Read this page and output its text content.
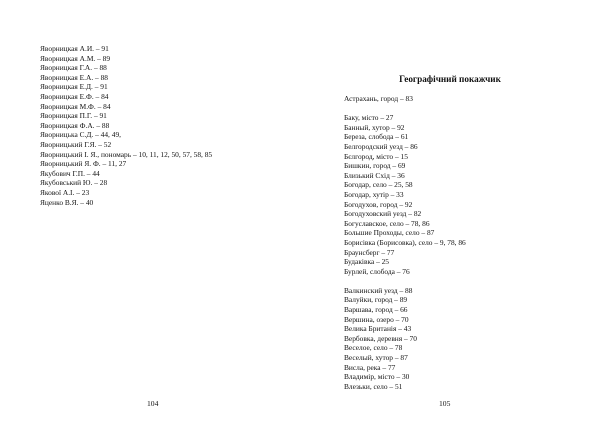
Яворницкая А.И. – 91
Яворницкая А.М. – 89
Яворницкая Г.А. – 88
Яворницкая Е.А. – 88
Яворницкая Е.Д. – 91
Яворницкая Е.Ф. – 84
Яворницкая М.Ф. – 84
Яворницкая П.Г. – 91
Яворницкая Ф.А. – 88
Яворницька С.Д. – 44, 49,
Яворницький Г.Я. – 52
Яворницький І. Я., пономарь – 10, 11, 12, 50, 57, 58, 85
Яворницький Я. Ф. – 11, 27
Якубович Г.П. – 44
Якубовський Ю. – 28
Якової А.І. – 23
Яценко В.Я. – 40
104
Географічний покажчик
Астрахань, город – 83
Баку, місто – 27
Банный, хутор – 92
Береза, слобода – 61
Белгородский уезд – 86
Бєлгород, місто – 15
Бишкин, город – 69
Близький Схід – 36
Богодар, село – 25, 58
Богодар, хутір – 33
Богодухов, город – 92
Богодуховский уезд – 82
Богуславское, село – 78, 86
Большие Проходы, село – 87
Борисівка (Борисовка), село – 9, 78, 86
Браунсберг – 77
Будаківка – 25
Бурлей, слобода – 76
Валкинский уезд – 88
Валуйки, город – 89
Варшава, город – 66
Вершина, озеро – 70
Велика Британія – 43
Вербовка, деревня – 70
Веселое, село – 78
Веселый, хутор – 87
Висла, река – 77
Владимір, місто – 30
Влезьки, село – 51
105
